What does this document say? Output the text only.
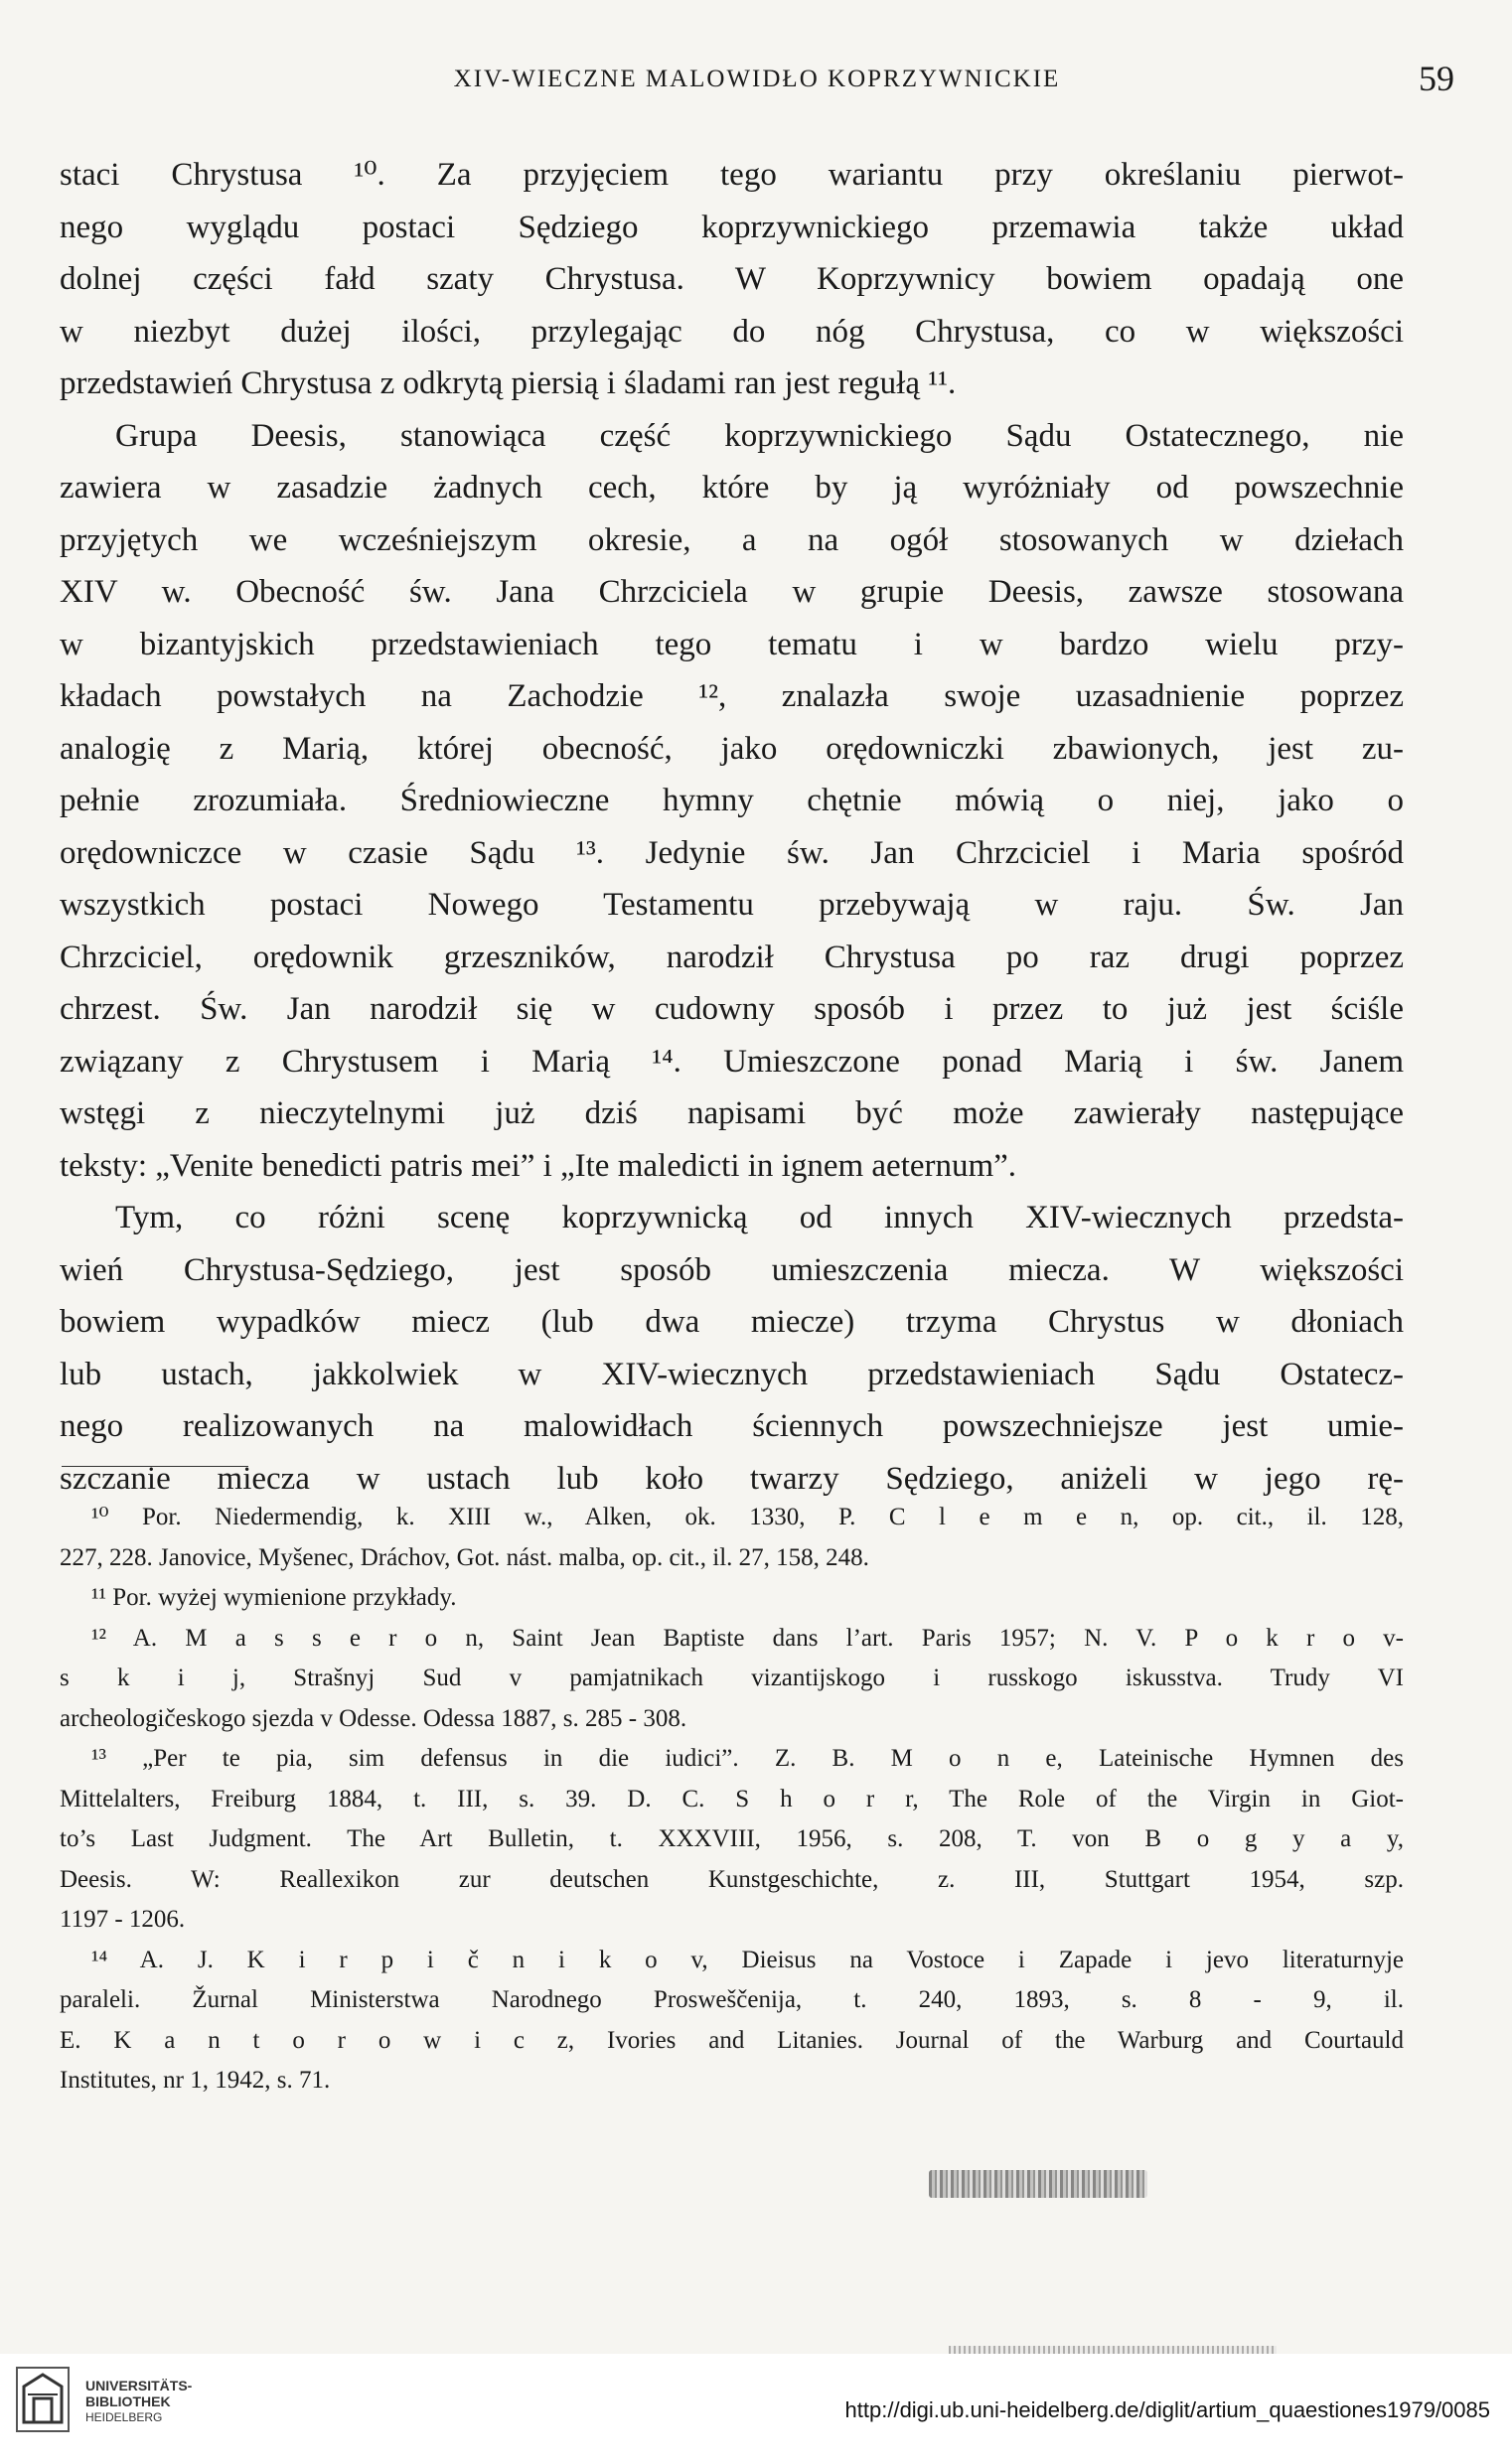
XIV-WIECZNE MALOWIDŁO KOPRZYWNICKIE	59
staci Chrystusa ¹⁰. Za przyjęciem tego wariantu przy określaniu pierwot-
nego wyglądu postaci Sędziego koprzywnickiego przemawia także układ
dolnej części fałd szaty Chrystusa. W Koprzywnicy bowiem opadają one
w niezbyt dużej ilości, przylegając do nóg Chrystusa, co w większości
przedstawień Chrystusa z odkrytą piersią i śladami ran jest regułą ¹¹.
Grupa Deesis, stanowiąca część koprzywnickiego Sądu Ostatecznego, nie
zawiera w zasadzie żadnych cech, które by ją wyróżniały od powszechnie
przyjętych we wcześniejszym okresie, a na ogół stosowanych w dziełach
XIV w. Obecność św. Jana Chrzciciela w grupie Deesis, zawsze stosowana
w bizantyjskich przedstawieniach tego tematu i w bardzo wielu przy-
kładach powstałych na Zachodzie ¹², znalazła swoje uzasadnienie poprzez
analogię z Marią, której obecność, jako orędowniczki zbawionych, jest zu-
pełnie zrozumiała. Średniowieczne hymny chętnie mówią o niej, jako o
orędowniczce w czasie Sądu ¹³. Jedynie św. Jan Chrzciciel i Maria spośród
wszystkich postaci Nowego Testamentu przebywają w raju. Św. Jan
Chrzciciel, orędownik grzeszników, narodził Chrystusa po raz drugi poprzez
chrzest. Św. Jan narodził się w cudowny sposób i przez to już jest ściśle
związany z Chrystusem i Marią ¹⁴. Umieszczone ponad Marią i św. Janem
wstęgi z nieczytelnymi już dziś napisami być może zawierały następujące
teksty: „Venite benedicti patris mei” i „Ite maledicti in ignem aeternum”.
Tym, co różni scenę koprzywnicką od innych XIV-wiecznych przedsta-
wień Chrystusa-Sędziego, jest sposób umieszczenia miecza. W większości
bowiem wypadków miecz (lub dwa miecze) trzyma Chrystus w dłoniach
lub ustach, jakkolwiek w XIV-wiecznych przedstawieniach Sądu Ostatecz-
nego realizowanych na malowidłach ściennych powszechniejsze jest umie-
szczanie miecza w ustach lub koło twarzy Sędziego, aniżeli w jego rę-
¹⁰ Por. Niedermendig, k. XIII w., Alken, ok. 1330, P. C l e m e n, op. cit., il. 128,
227, 228. Janovice, Myšenec, Dráchov, Got. nást. malba, op. cit., il. 27, 158, 248.
¹¹ Por. wyżej wymienione przykłady.
¹² A. M a s s e r o n, Saint Jean Baptiste dans l’art. Paris 1957; N. V. P o k r o v-
s k i j, Strašnyj Sud v pamjatnikach vizantijskogo i russkogo iskusstva. Trudy VI
archeologičeskogo sjezda v Odesse. Odessa 1887, s. 285 - 308.
¹³ „Per te pia, sim defensus in die iudici”. Z. B. M o n e, Lateinische Hymnen des
Mittelalters, Freiburg 1884, t. III, s. 39. D. C. S h o r r, The Role of the Virgin in Giot-
to’s Last Judgment. The Art Bulletin, t. XXXVIII, 1956, s. 208, T. von B o g y a y,
Deesis. W: Reallexikon zur deutschen Kunstgeschichte, z. III, Stuttgart 1954, szp.
1197 - 1206.
¹⁴ A. J. K i r p i č n i k o v, Dieisus na Vostoce i Zapade i jevo literaturnyje
paraleli. Žurnal Ministerstwa Narodnego Prosweščenija, t. 240, 1893, s. 8 - 9, il.
E. K a n t o r o w i c z, Ivories and Litanies. Journal of the Warburg and Courtauld
Institutes, nr 1, 1942, s. 71.
UNIVERSITÄTS-
BIBLIOTHEK
HEIDELBERG	http://digi.ub.uni-heidelberg.de/diglit/artium_quaestiones1979/0085
